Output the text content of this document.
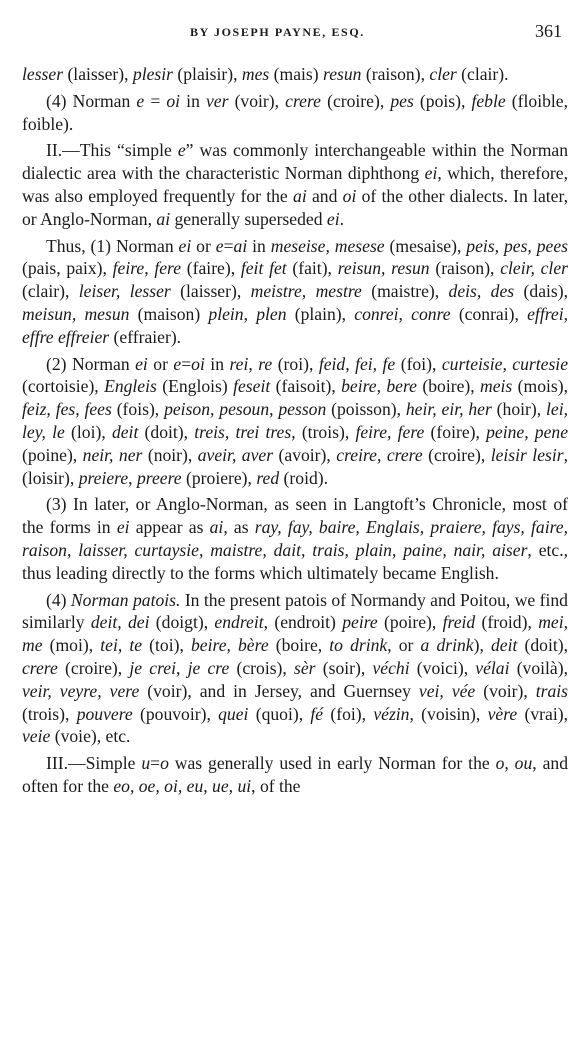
BY JOSEPH PAYNE, ESQ.	361

lesser (laisser), plesir (plaisir), mes (mais) resun (raison), cler (clair).

(4) Norman e = oi in ver (voir), crere (croire), pes (pois), feble (floible, foible).

II.—This “simple e” was commonly interchangeable within the Norman dialectic area with the characteristic Norman diphthong ei, which, therefore, was also employed frequently for the ai and oi of the other dialects. In later, or Anglo-Norman, ai generally superseded ei.

Thus, (1) Norman ei or e=ai in meseise, mesese (mesaise), peis, pes, pees (pais, paix), feire, fere (faire), feit fet (fait), reisun, resun (raison), cleir, cler (clair), leiser, lesser (laisser), meistre, mestre (maistre), deis, des (dais), meisun, mesun (maison) plein, plen (plain), conrei, conre (conrai), effrei, effre effreier (effraier).

(2) Norman ei or e=oi in rei, re (roi), feid, fei, fe (foi), curteisie, curtesie (cortoisie), Engleis (Englois) feseit (faisoit), beire, bere (boire), meis (mois), feiz, fes, fees (fois), peison, pesoun, pesson (poisson), heir, eir, her (hoir), lei, ley, le (loi), deit (doit), treis, trei tres, (trois), feire, fere (foire), peine, pene (poine), neir, ner (noir), aveir, aver (avoir), creire, crere (croire), leisir lesir, (loisir), preiere, preere (proiere), red (roid).

(3) In later, or Anglo-Norman, as seen in Langtoft’s Chronicle, most of the forms in ei appear as ai, as ray, fay, baire, Englais, praiere, fays, faire, raison, laisser, curtaysie, maistre, dait, trais, plain, paine, nair, aiser, etc., thus leading directly to the forms which ultimately became English.

(4) Norman patois. In the present patois of Normandy and Poitou, we find similarly deit, dei (doigt), endreit, (endroit) peire (poire), freid (froid), mei, me (moi), tei, te (toi), beire, bère (boire, to drink, or a drink), deit (doit), crere (croire), je crei, je cre (crois), sèr (soir), véchi (voici), vélai (voilà), veir, veyre, vere (voir), and in Jersey, and Guernsey vei, vée (voir), trais (trois), pouvere (pouvoir), quei (quoi), fé (foi), vézin, (voisin), vère (vrai), veie (voie), etc.

III.—Simple u=o was generally used in early Norman for the o, ou, and often for the eo, oe, oi, eu, ue, ui, of the
